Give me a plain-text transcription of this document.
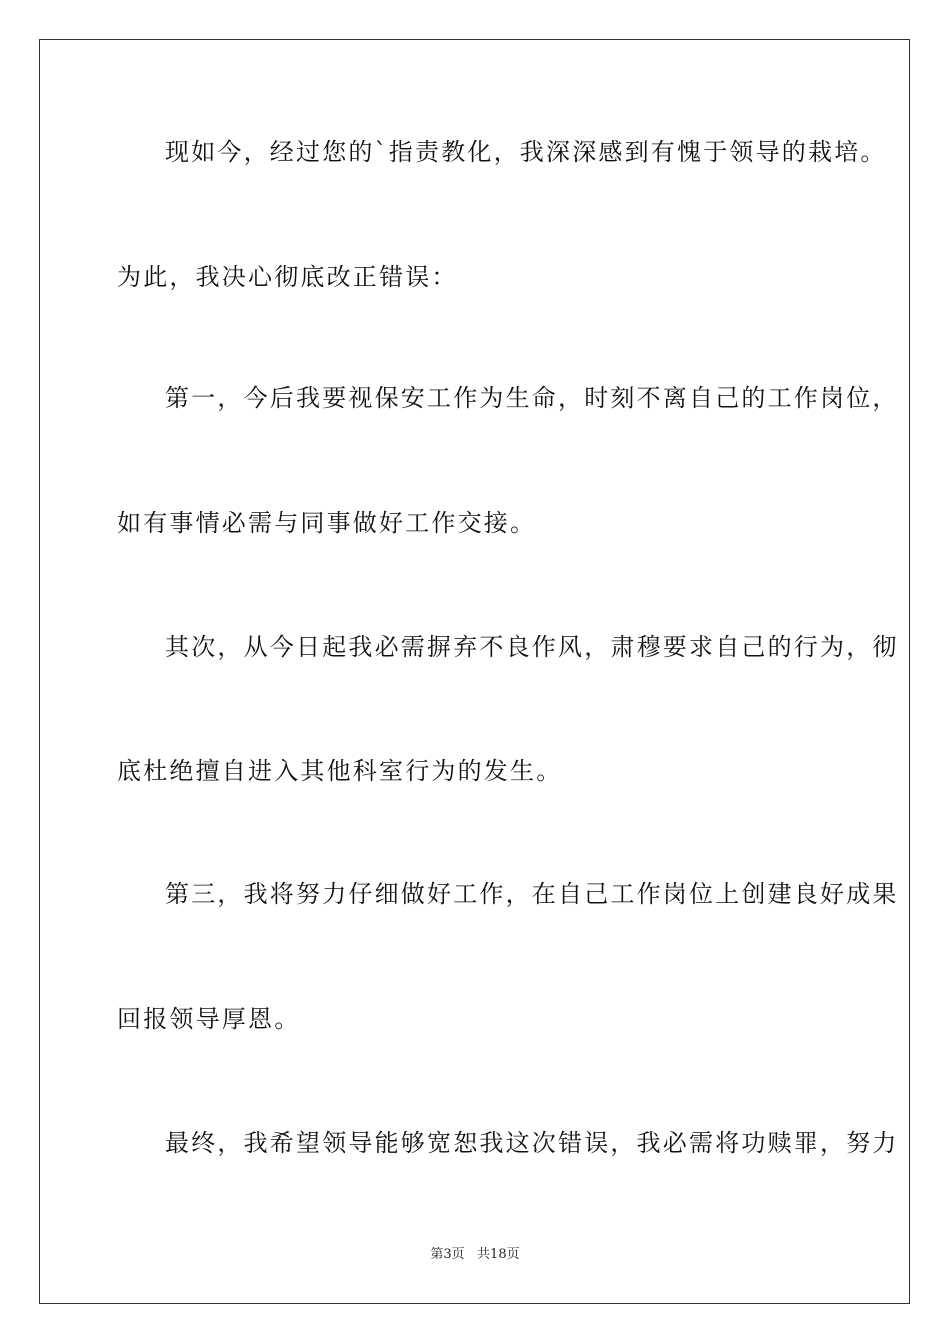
现如今，经过您的`指责教化，我深深感到有愧于领导的栽培。
为此，我决心彻底改正错误：
第一，今后我要视保安工作为生命，时刻不离自己的工作岗位，
如有事情必需与同事做好工作交接。
其次，从今日起我必需摒弃不良作风，肃穆要求自己的行为，彻
底杜绝擅自进入其他科室行为的发生。
第三，我将努力仔细做好工作，在自己工作岗位上创建良好成果
回报领导厚恩。
最终，我希望领导能够宽恕我这次错误，我必需将功赎罪，努力
第3页   共18页
